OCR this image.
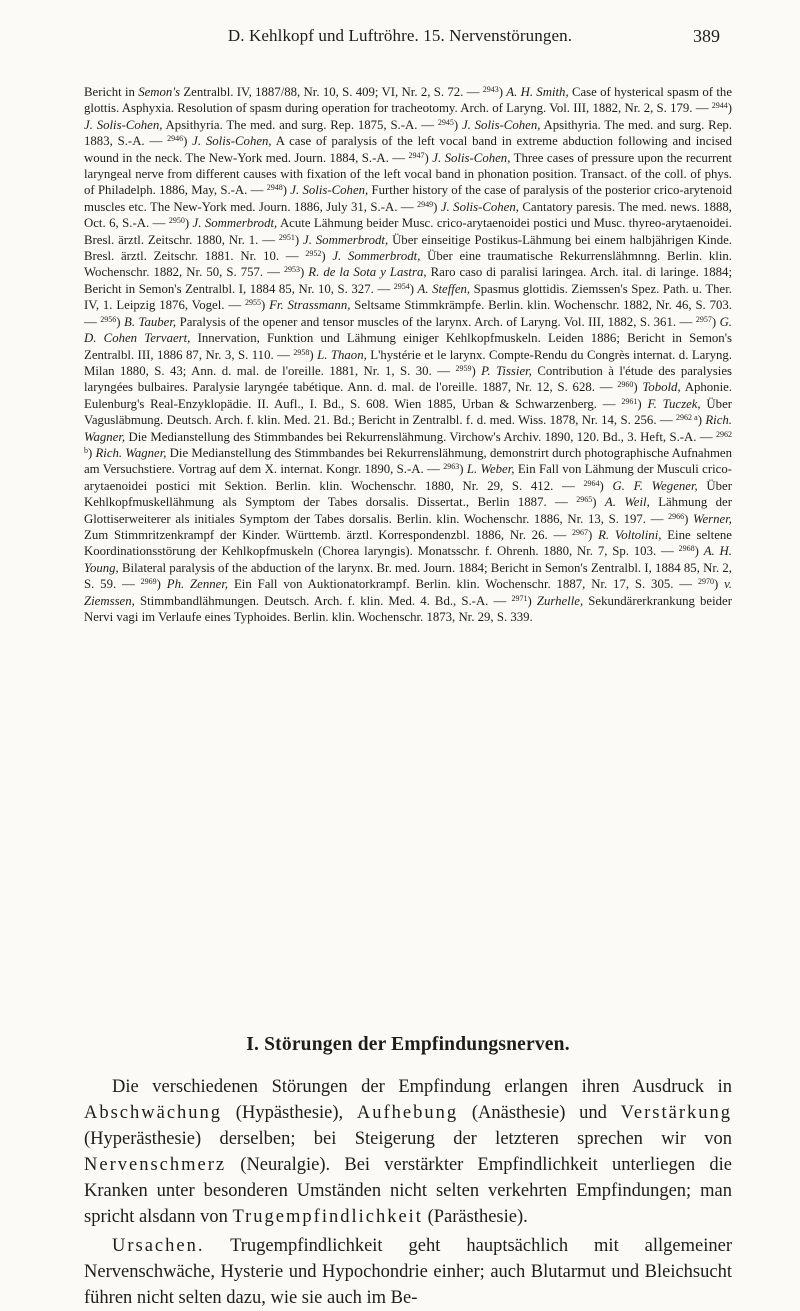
D. Kehlkopf und Luftröhre. 15. Nervenstörungen.	389
Bericht in Semon's Zentralbl. IV, 1887/88, Nr. 10, S. 409; VI, Nr. 2, S. 72. — $^{2943}$) A. H. Smith, Case of hysterical spasm of the glottis. Asphyxia. Resolution of spasm during operation for tracheotomy. Arch. of Laryng. Vol. III, 1882, Nr. 2, S. 179. — $^{2944}$) J. Solis-Cohen, Apsithyria. The med. and surg. Rep. 1875, S.-A. — $^{2945}$) J. Solis-Cohen, Apsithyria. The med. and surg. Rep. 1883, S.-A. — $^{2946}$) J. Solis-Cohen, A case of paralysis of the left vocal band in extreme abduction following and incised wound in the neck. The New-York med. Journ. 1884, S.-A. — $^{2947}$) J. Solis-Cohen, Three cases of pressure upon the recurrent laryngeal nerve from different causes with fixation of the left vocal band in phonation position. Transact. of the coll. of phys. of Philadelph. 1886, May, S.-A. — $^{2948}$) J. Solis-Cohen, Further history of the case of paralysis of the posterior crico-arytenoid muscles etc. The New-York med. Journ. 1886, July 31, S.-A. — $^{2949}$) J. Solis-Cohen, Cantatory paresis. The med. news. 1888, Oct. 6, S.-A. — $^{2950}$) J. Sommerbrodt, Acute Lähmung beider Musc. crico-arytaenoidei postici und Musc. thyreo-arytaenoidei. Bresl. ärztl. Zeitschr. 1880, Nr. 1. — $^{2951}$) J. Sommerbrodt, Über einseitige Postikus-Lähmung bei einem halbjährigen Kinde. Bresl. ärztl. Zeitschr. 1881. Nr. 10. — $^{2952}$) J. Sommerbrodt, Über eine traumatische Rekurrenslähmnng. Berlin. klin. Wochenschr. 1882, Nr. 50, S. 757. — $^{2953}$) R. de la Sota y Lastra, Raro caso di paralisi laringea. Arch. ital. di laringe. 1884; Bericht in Semon's Zentralbl. I, 1884 85, Nr. 10, S. 327. — $^{2954}$) A. Steffen, Spasmus glottidis. Ziemssen's Spez. Path. u. Ther. IV, 1. Leipzig 1876, Vogel. — $^{2955}$) Fr. Strassmann, Seltsame Stimmkrämpfe. Berlin. klin. Wochenschr. 1882, Nr. 46, S. 703. — $^{2956}$) B. Tauber, Paralysis of the opener and tensor muscles of the larynx. Arch. of Laryng. Vol. III, 1882, S. 361. — $^{2957}$) G. D. Cohen Tervaert, Innervation, Funktion und Lähmung einiger Kehlkopfmuskeln. Leiden 1886; Bericht in Semon's Zentralbl. III, 1886 87, Nr. 3, S. 110. — $^{2958}$) L. Thaon, L'hystérie et le larynx. Compte-Rendu du Congrès internat. d. Laryng. Milan 1880, S. 43; Ann. d. mal. de l'oreille. 1881, Nr. 1, S. 30. — $^{2959}$) P. Tissier, Contribution à l'étude des paralysies laryngées bulbaires. Paralysie laryngée tabétique. Ann. d. mal. de l'oreille. 1887, Nr. 12, S. 628. — $^{2960}$) Tobold, Aphonie. Eulenburg's Real-Enzyklopädie. II. Aufl., I. Bd., S. 608. Wien 1885, Urban & Schwarzenberg. — $^{2961}$) F. Tuczek, Über Vagusläbmung. Deutsch. Arch. f. klin. Med. 21. Bd.; Bericht in Zentralbl. f. d. med. Wiss. 1878, Nr. 14, S. 256. — $^{2962 a}$) Rich. Wagner, Die Medianstellung des Stimmbandes bei Rekurrenslähmung. Virchow's Archiv. 1890, 120. Bd., 3. Heft, S.-A. — $^{2962 b}$) Rich. Wagner, Die Medianstellung des Stimmbandes bei Rekurrenslähmung, demonstrirt durch photographische Aufnahmen am Versuchstiere. Vortrag auf dem X. internat. Kongr. 1890, S.-A. — $^{2963}$) L. Weber, Ein Fall von Lähmung der Musculi crico-arytaenoidei postici mit Sektion. Berlin. klin. Wochenschr. 1880, Nr. 29, S. 412. — $^{2964}$) G. F. Wegener, Über Kehlkopfmuskellähmung als Symptom der Tabes dorsalis. Dissertat., Berlin 1887. — $^{2965}$) A. Weil, Lähmung der Glottiserweiterer als initiales Symptom der Tabes dorsalis. Berlin. klin. Wochenschr. 1886, Nr. 13, S. 197. — $^{2966}$) Werner, Zum Stimmritzenkrampf der Kinder. Württemb. ärztl. Korrespondenzbl. 1886, Nr. 26. — $^{2967}$) R. Voltolini, Eine seltene Koordinationsstörung der Kehlkopfmuskeln (Chorea laryngis). Monatsschr. f. Ohrenh. 1880, Nr. 7, Sp. 103. — $^{2968}$) A. H. Young, Bilateral paralysis of the abduction of the larynx. Br. med. Journ. 1884; Bericht in Semon's Zentralbl. I, 1884 85, Nr. 2, S. 59. — $^{2969}$) Ph. Zenner, Ein Fall von Auktionatorkrampf. Berlin. klin. Wochenschr. 1887, Nr. 17, S. 305. — $^{2970}$) v. Ziemssen, Stimmbandlähmungen. Deutsch. Arch. f. klin. Med. 4. Bd., S.-A. — $^{2971}$) Zurhelle, Sekundärerkrankung beider Nervi vagi im Verlaufe eines Typhoides. Berlin. klin. Wochenschr. 1873, Nr. 29, S. 339.
I. Störungen der Empfindungsnerven.
Die verschiedenen Störungen der Empfindung erlangen ihren Ausdruck in Abschwächung (Hypästhesie), Aufhebung (Anästhesie) und Verstärkung (Hyperästhesie) derselben; bei Steigerung der letzteren sprechen wir von Nervenschmerz (Neuralgie). Bei verstärkter Empfindlichkeit unterliegen die Kranken unter besonderen Umständen nicht selten verkehrten Empfindungen; man spricht alsdann von Trugempfindlichkeit (Parästhesie).
Ursachen. Trugempfindlichkeit geht hauptsächlich mit allgemeiner Nervenschwäche, Hysterie und Hypochondrie einher; auch Blutarmut und Bleichsucht führen nicht selten dazu, wie sie auch im Be-
